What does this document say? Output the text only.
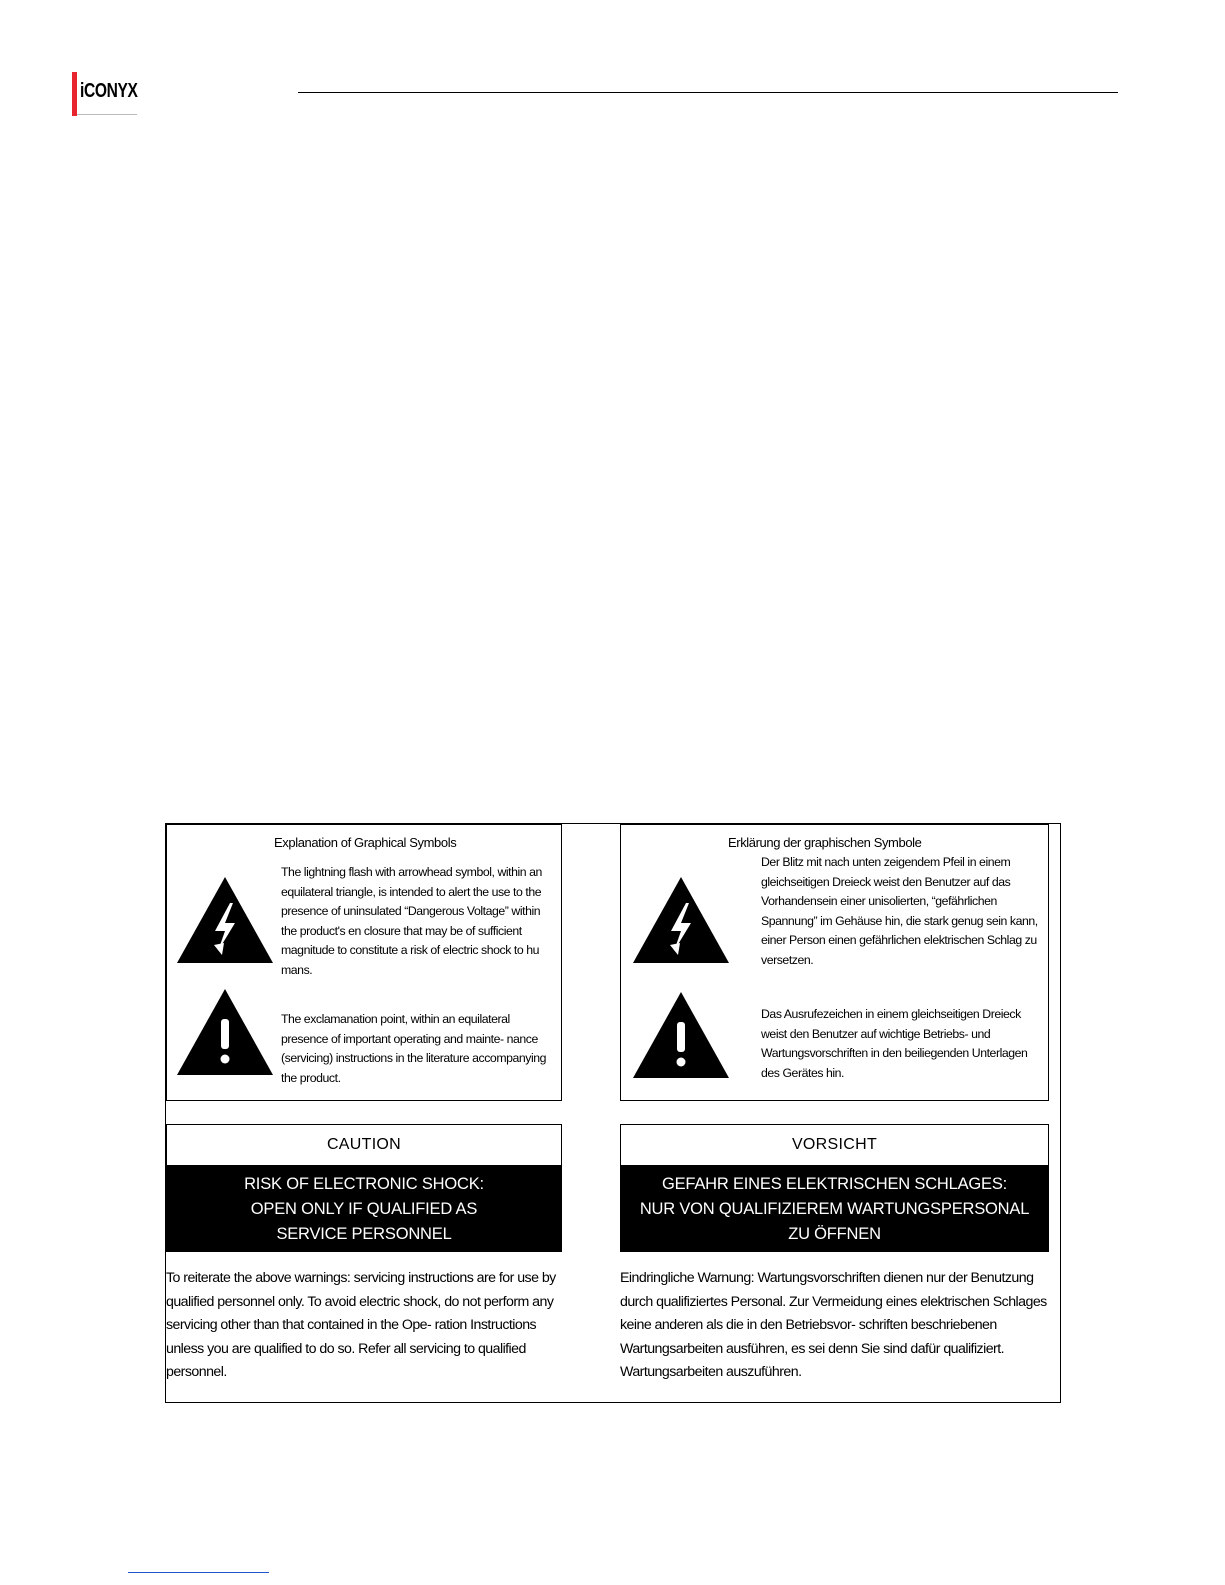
iCONYX
Explanation of Graphical Symbols
The lightning flash with arrowhead symbol, within an equilateral triangle, is intended to alert the use to the presence of uninsulated “Dangerous Voltage” within the product's en closure that may be of sufficient magnitude to constitute a risk of electric shock to hu mans.
The exclamanation point, within an equilateral presence of important operating and mainte- nance (servicing) instructions in the literature accompanying the product.
Erklärung der graphischen Symbole
Der Blitz mit nach unten zeigendem Pfeil in einem gleichseitigen Dreieck weist den Benutzer auf das Vorhandensein einer unisolierten, “gefährlichen Spannung” im Gehäuse hin, die stark genug sein kann, einer Person einen gefährlichen elektrischen Schlag zu versetzen.
Das Ausrufezeichen in einem gleichseitigen Dreieck weist den Benutzer auf wichtige Betriebs- und Wartungsvorschriften in den beiliegenden Unterlagen des Gerätes hin.
CAUTION
RISK OF ELECTRONIC SHOCK:
OPEN ONLY IF QUALIFIED AS
SERVICE PERSONNEL
To reiterate the above warnings: servicing instructions are for use by qualified personnel only. To avoid electric shock, do not perform any servicing other than that contained in the Ope- ration Instructions unless you are qualified to do so. Refer all servicing to qualified personnel.
VORSICHT
GEFAHR EINES ELEKTRISCHEN SCHLAGES:
NUR VON QUALIFIZIEREM WARTUNGSPERSONAL
ZU ÖFFNEN
Eindringliche Warnung: Wartungsvorschriften dienen nur der Benutzung durch qualifiziertes Personal. Zur Vermeidung eines elektrischen Schlages keine anderen als die in den Betriebsvor- schriften beschriebenen Wartungsarbeiten ausführen, es sei denn Sie sind dafür qualifiziert. Wartungsarbeiten auszuführen.
